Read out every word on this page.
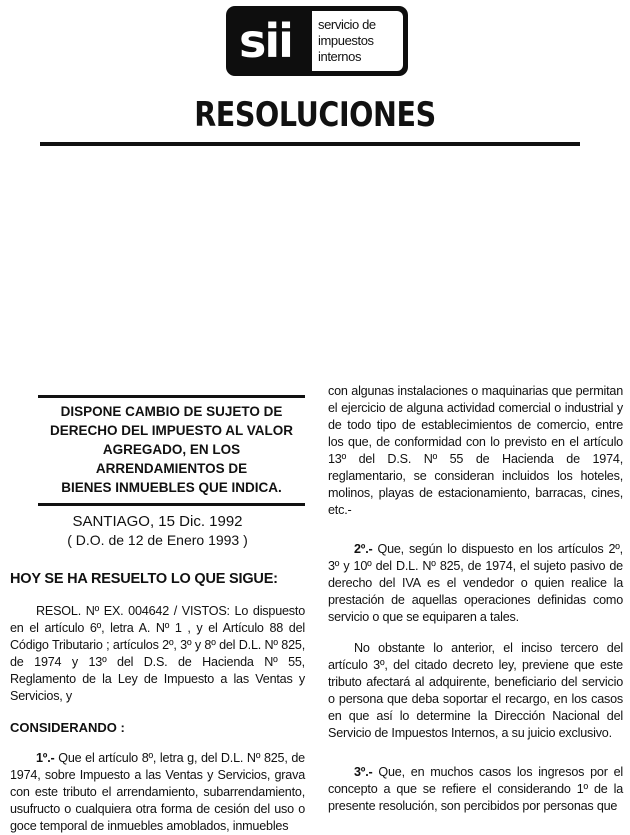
sii servicio de
impuestos
internos
RESOLUCIONES
DISPONE CAMBIO DE SUJETO DE
DERECHO DEL IMPUESTO AL VALOR
AGREGADO, EN LOS ARRENDAMIENTOS DE
BIENES INMUEBLES QUE INDICA.
SANTIAGO, 15 Dic. 1992
( D.O. de 12 de Enero 1993 )
HOY SE HA RESUELTO LO QUE SIGUE:
RESOL. Nº EX. 004642 / VISTOS: Lo dispuesto en el artículo 6º, letra A. Nº 1 , y el Artículo 88 del Código Tributario ; artículos 2º, 3º y 8º del D.L. Nº 825, de 1974 y 13º del D.S. de Hacienda Nº 55, Reglamento de la Ley de Impuesto a las Ventas y Servicios, y
CONSIDERANDO :
1º.- Que el artículo 8º, letra g, del D.L. Nº 825, de 1974, sobre Impuesto a las Ventas y Servicios, grava con este tributo el arrendamiento, subarrendamiento, usufructo o cualquiera otra forma de cesión del uso o goce temporal de inmuebles amoblados, inmuebles
con algunas instalaciones o maquinarias que permitan el ejercicio de alguna actividad comercial o industrial y de todo tipo de establecimientos de comercio, entre los que, de conformidad con lo previsto en el artículo 13º del D.S. Nº 55 de Hacienda de 1974, reglamentario, se consideran incluidos los hoteles, molinos, playas de estacionamiento, barracas, cines, etc.-
2º.- Que, según lo dispuesto en los artículos 2º, 3º y 10º del D.L. Nº 825, de 1974, el sujeto pasivo de derecho del IVA es el vendedor o quien realice la prestación de aquellas operaciones definidas como servicio o que se equiparen a tales.
No obstante lo anterior, el inciso tercero del artículo 3º, del citado decreto ley, previene que este tributo afectará al adquirente, beneficiario del servicio o persona que deba soportar el recargo, en los casos en que así lo determine la Dirección Nacional del Servicio de Impuestos Internos, a su juicio exclusivo.
3º.- Que, en muchos casos los ingresos por el concepto a que se refiere el considerando 1º de la presente resolución, son percibidos por personas que
